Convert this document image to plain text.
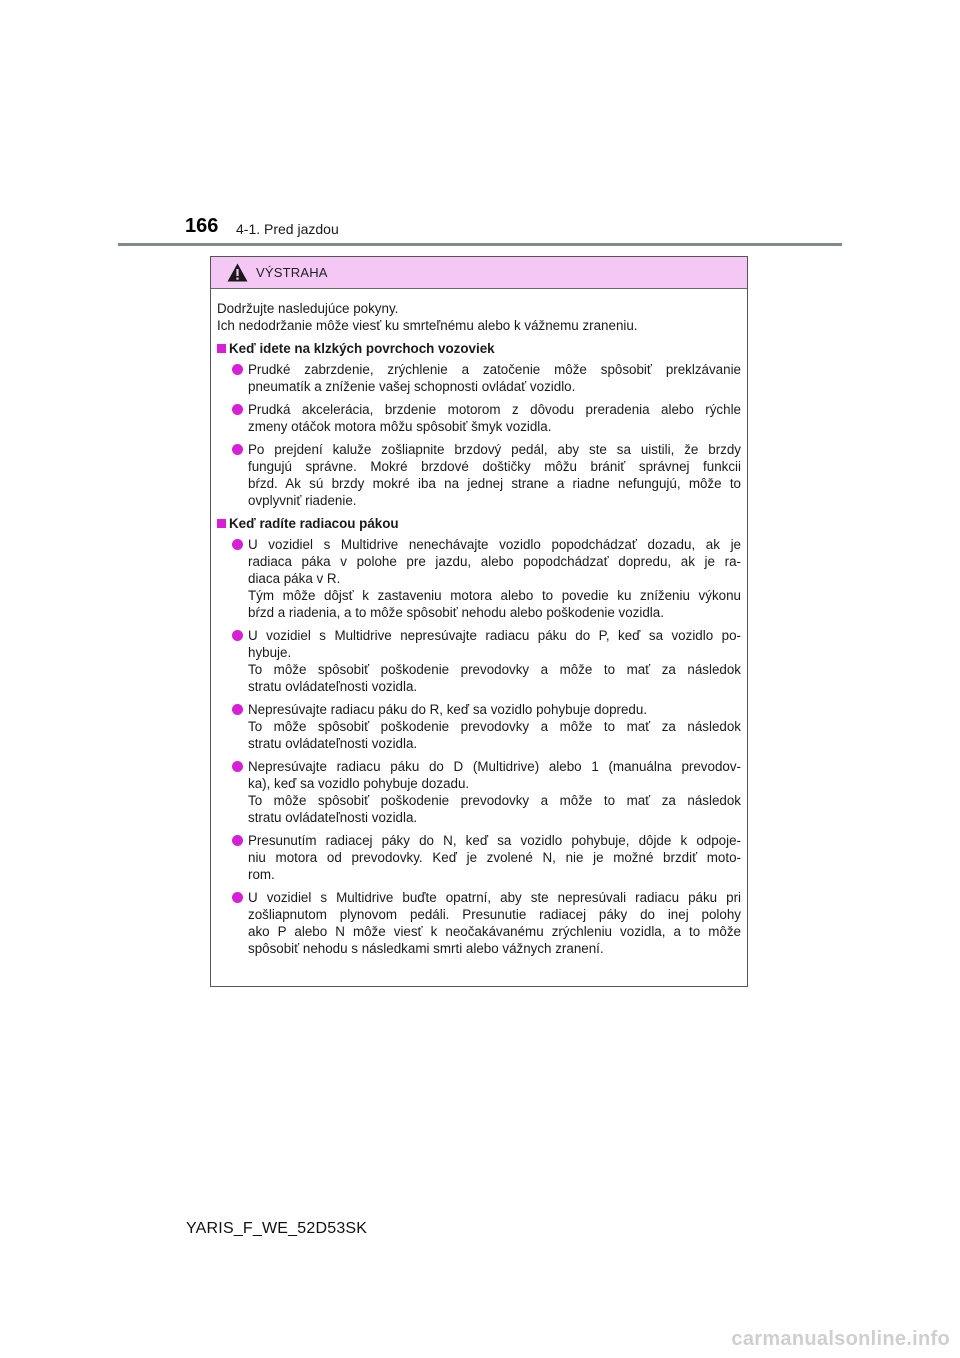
166 4-1. Pred jazdou
VÝSTRAHA
Dodržujte nasledujúce pokyny.
Ich nedodržanie môže viesť ku smrteľnému alebo k vážnemu zraneniu.
Keď idete na klzkých povrchoch vozoviek
Prudké zabrzdenie, zrýchlenie a zatočenie môže spôsobiť preklzávanie
pneumatík a zníženie vašej schopnosti ovládať vozidlo.
Prudká akcelerácia, brzdenie motorom z dôvodu preradenia alebo rýchle
zmeny otáčok motora môžu spôsobiť šmyk vozidla.
Po prejdení kaluže zošliapnite brzdový pedál, aby ste sa uistili, že brzdy
fungujú správne. Mokré brzdové doštičky môžu brániť správnej funkcii
bŕzd. Ak sú brzdy mokré iba na jednej strane a riadne nefungujú, môže to
ovplyvniť riadenie.
Keď radíte radiacou pákou
U vozidiel s Multidrive nenechávajte vozidlo popodchádzať dozadu, ak je
radiaca páka v polohe pre jazdu, alebo popodchádzať dopredu, ak je ra-
diaca páka v R.
Tým môže dôjsť k zastaveniu motora alebo to povedie ku zníženiu výkonu
bŕzd a riadenia, a to môže spôsobiť nehodu alebo poškodenie vozidla.
U vozidiel s Multidrive nepresúvajte radiacu páku do P, keď sa vozidlo po-
hybuje.
To môže spôsobiť poškodenie prevodovky a môže to mať za následok
stratu ovládateľnosti vozidla.
Nepresúvajte radiacu páku do R, keď sa vozidlo pohybuje dopredu.
To môže spôsobiť poškodenie prevodovky a môže to mať za následok
stratu ovládateľnosti vozidla.
Nepresúvajte radiacu páku do D (Multidrive) alebo 1 (manuálna prevodov-
ka), keď sa vozidlo pohybuje dozadu.
To môže spôsobiť poškodenie prevodovky a môže to mať za následok
stratu ovládateľnosti vozidla.
Presunutím radiacej páky do N, keď sa vozidlo pohybuje, dôjde k odpoje-
niu motora od prevodovky. Keď je zvolené N, nie je možné brzdiť moto-
rom.
U vozidiel s Multidrive buďte opatrní, aby ste nepresúvali radiacu páku pri
zošliapnutom plynovom pedáli. Presunutie radiacej páky do inej polohy
ako P alebo N môže viesť k neočakávanému zrýchleniu vozidla, a to môže
spôsobiť nehodu s následkami smrti alebo vážnych zranení.
YARIS_F_WE_52D53SK
carmanualsonline.info
